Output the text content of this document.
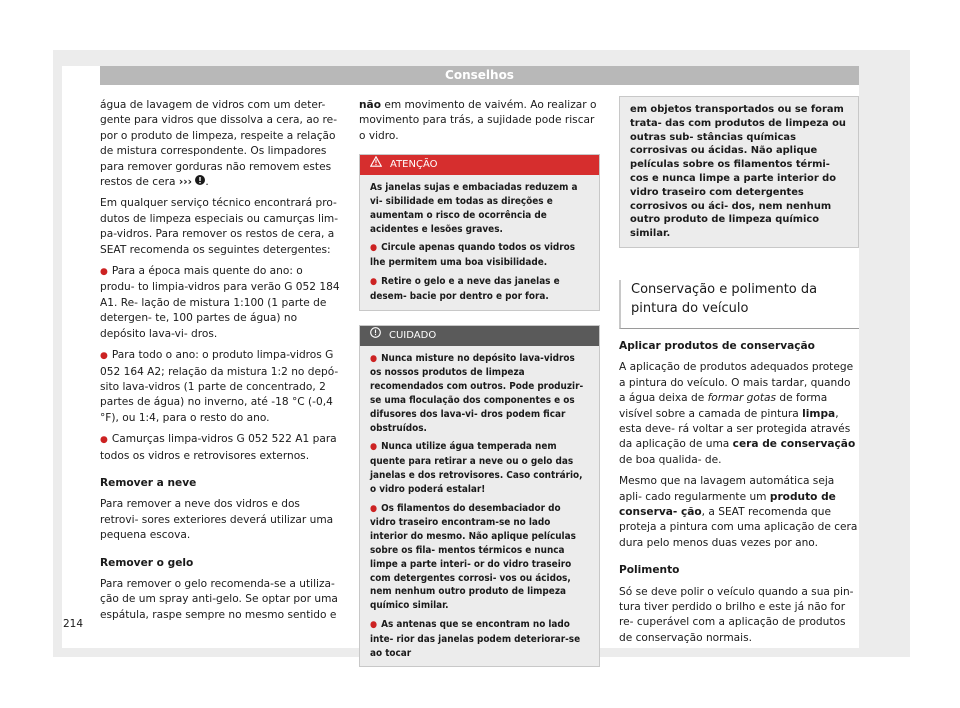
Conselhos

água de lavagem de vidros com um deter- gente para vidros que dissolva a cera, ao re- por o produto de limpeza, respeite a relação de mistura correspondente. Os limpadores para remover gorduras não removem estes restos de cera ››› .

Em qualquer serviço técnico encontrará pro- dutos de limpeza especiais ou camurças lim- pa-vidros. Para remover os restos de cera, a SEAT recomenda os seguintes detergentes:

● Para a época mais quente do ano: o produ- to limpia-vidros para verão G 052 184 A1. Re- lação de mistura 1:100 (1 parte de detergen- te, 100 partes de água) no depósito lava-vi- dros.

● Para todo o ano: o produto limpa-vidros G 052 164 A2; relação da mistura 1:2 no depó- sito lava-vidros (1 parte de concentrado, 2 partes de água) no inverno, até -18 °C (-0,4 °F), ou 1:4, para o resto do ano.

● Camurças limpa-vidros G 052 522 A1 para todos os vidros e retrovisores externos.

Remover a neve

Para remover a neve dos vidros e dos retrovi- sores exteriores deverá utilizar uma pequena escova.

Remover o gelo

Para remover o gelo recomenda-se a utiliza- ção de um spray anti-gelo. Se optar por uma espátula, raspe sempre no mesmo sentido e

não em movimento de vaivém. Ao realizar o movimento para trás, a sujidade pode riscar o vidro.

ATENÇÃO

As janelas sujas e embaciadas reduzem a vi- sibilidade em todas as direções e aumentam o risco de ocorrência de acidentes e lesões graves.

● Circule apenas quando todos os vidros lhe permitem uma boa visibilidade.

● Retire o gelo e a neve das janelas e desem- bacie por dentro e por fora.

CUIDADO

● Nunca misture no depósito lava-vidros os nossos produtos de limpeza recomendados com outros. Pode produzir-se uma floculação dos componentes e os difusores dos lava-vi- dros podem ficar obstruídos.

● Nunca utilize água temperada nem quente para retirar a neve ou o gelo das janelas e dos retrovisores. Caso contrário, o vidro poderá estalar!

● Os filamentos do desembaciador do vidro traseiro encontram-se no lado interior do mesmo. Não aplique películas sobre os fila- mentos térmicos e nunca limpe a parte interi- or do vidro traseiro com detergentes corrosi- vos ou ácidos, nem nenhum outro produto de limpeza químico similar.

● As antenas que se encontram no lado inte- rior das janelas podem deteriorar-se ao tocar

em objetos transportados ou se foram trata- das com produtos de limpeza ou outras sub- stâncias químicas corrosivas ou ácidas. Não aplique películas sobre os filamentos térmi- cos e nunca limpe a parte interior do vidro traseiro com detergentes corrosivos ou áci- dos, nem nenhum outro produto de limpeza químico similar.
Conservação e polimento da pintura do veículo

Aplicar produtos de conservação

A aplicação de produtos adequados protege a pintura do veículo. O mais tardar, quando a água deixa de formar gotas de forma visível sobre a camada de pintura limpa, esta deve- rá voltar a ser protegida através da aplicação de uma cera de conservação de boa qualida- de.

Mesmo que na lavagem automática seja apli- cado regularmente um produto de conserva- ção, a SEAT recomenda que proteja a pintura com uma aplicação de cera dura pelo menos duas vezes por ano.

Polimento

Só se deve polir o veículo quando a sua pin- tura tiver perdido o brilho e este já não for re- cuperável com a aplicação de produtos de conservação normais.

214
